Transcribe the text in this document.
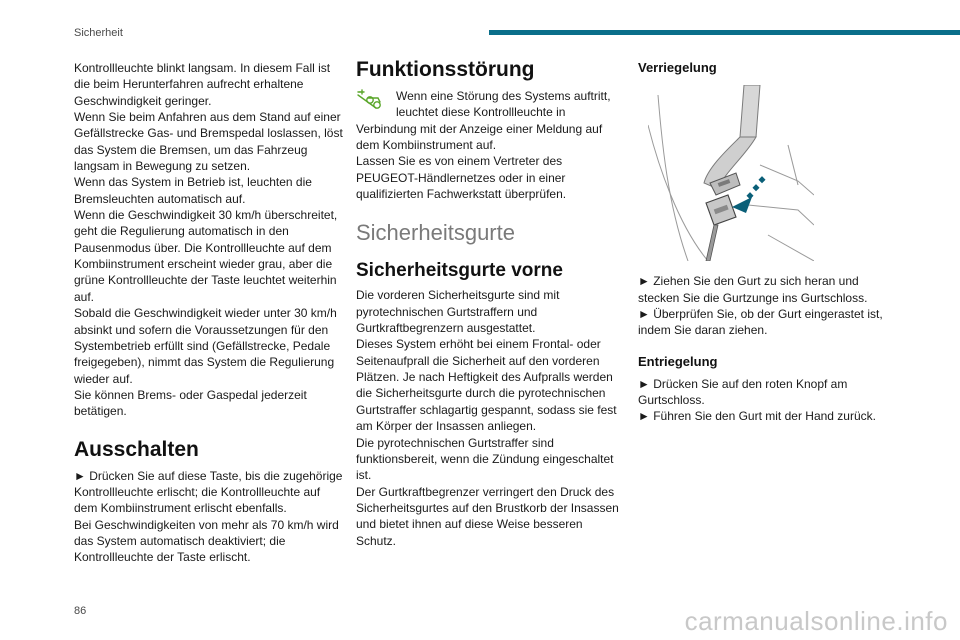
Sicherheit

Kontrollleuchte blinkt langsam. In diesem Fall ist die beim Herunterfahren aufrecht erhaltene Geschwindigkeit geringer.

Wenn Sie beim Anfahren aus dem Stand auf einer Gefällstrecke Gas- und Bremspedal loslassen, löst das System die Bremsen, um das Fahrzeug langsam in Bewegung zu setzen.

Wenn das System in Betrieb ist, leuchten die Bremsleuchten automatisch auf.

Wenn die Geschwindigkeit 30 km/h überschreitet, geht die Regulierung automatisch in den Pausenmodus über. Die Kontrollleuchte auf dem Kombiinstrument erscheint wieder grau, aber die grüne Kontrollleuchte der Taste leuchtet weiterhin auf.

Sobald die Geschwindigkeit wieder unter 30 km/h absinkt und sofern die Voraussetzungen für den Systembetrieb erfüllt sind (Gefällstrecke, Pedale freigegeben), nimmt das System die Regulierung wieder auf.

Sie können Brems- oder Gaspedal jederzeit betätigen.

Ausschalten

► Drücken Sie auf diese Taste, bis die zugehörige Kontrollleuchte erlischt; die Kontrollleuchte auf dem Kombiinstrument erlischt ebenfalls.

Bei Geschwindigkeiten von mehr als 70 km/h wird das System automatisch deaktiviert; die Kontrollleuchte der Taste erlischt.

Funktionsstörung
Wenn eine Störung des Systems auftritt, leuchtet diese Kontrollleuchte in
Verbindung mit der Anzeige einer Meldung auf dem Kombiinstrument auf.

Lassen Sie es von einem Vertreter des PEUGEOT-Händlernetzes oder in einer qualifizierten Fachwerkstatt überprüfen.

Sicherheitsgurte
Sicherheitsgurte vorne

Die vorderen Sicherheitsgurte sind mit pyrotechnischen Gurtstraffern und Gurtkraftbegrenzern ausgestattet.

Dieses System erhöht bei einem Frontal- oder Seitenaufprall die Sicherheit auf den vorderen Plätzen. Je nach Heftigkeit des Aufpralls werden die Sicherheitsgurte durch die pyrotechnischen Gurtstraffer schlagartig gespannt, sodass sie fest am Körper der Insassen anliegen.

Die pyrotechnischen Gurtstraffer sind funktionsbereit, wenn die Zündung eingeschaltet ist.

Der Gurtkraftbegrenzer verringert den Druck des Sicherheitsgurtes auf den Brustkorb der Insassen und bietet ihnen auf diese Weise besseren Schutz.

Verriegelung

► Ziehen Sie den Gurt zu sich heran und stecken Sie die Gurtzunge ins Gurtschloss.

► Überprüfen Sie, ob der Gurt eingerastet ist, indem Sie daran ziehen.

Entriegelung

► Drücken Sie auf den roten Knopf am Gurtschloss.

► Führen Sie den Gurt mit der Hand zurück.

86	carmanualsonline.info
